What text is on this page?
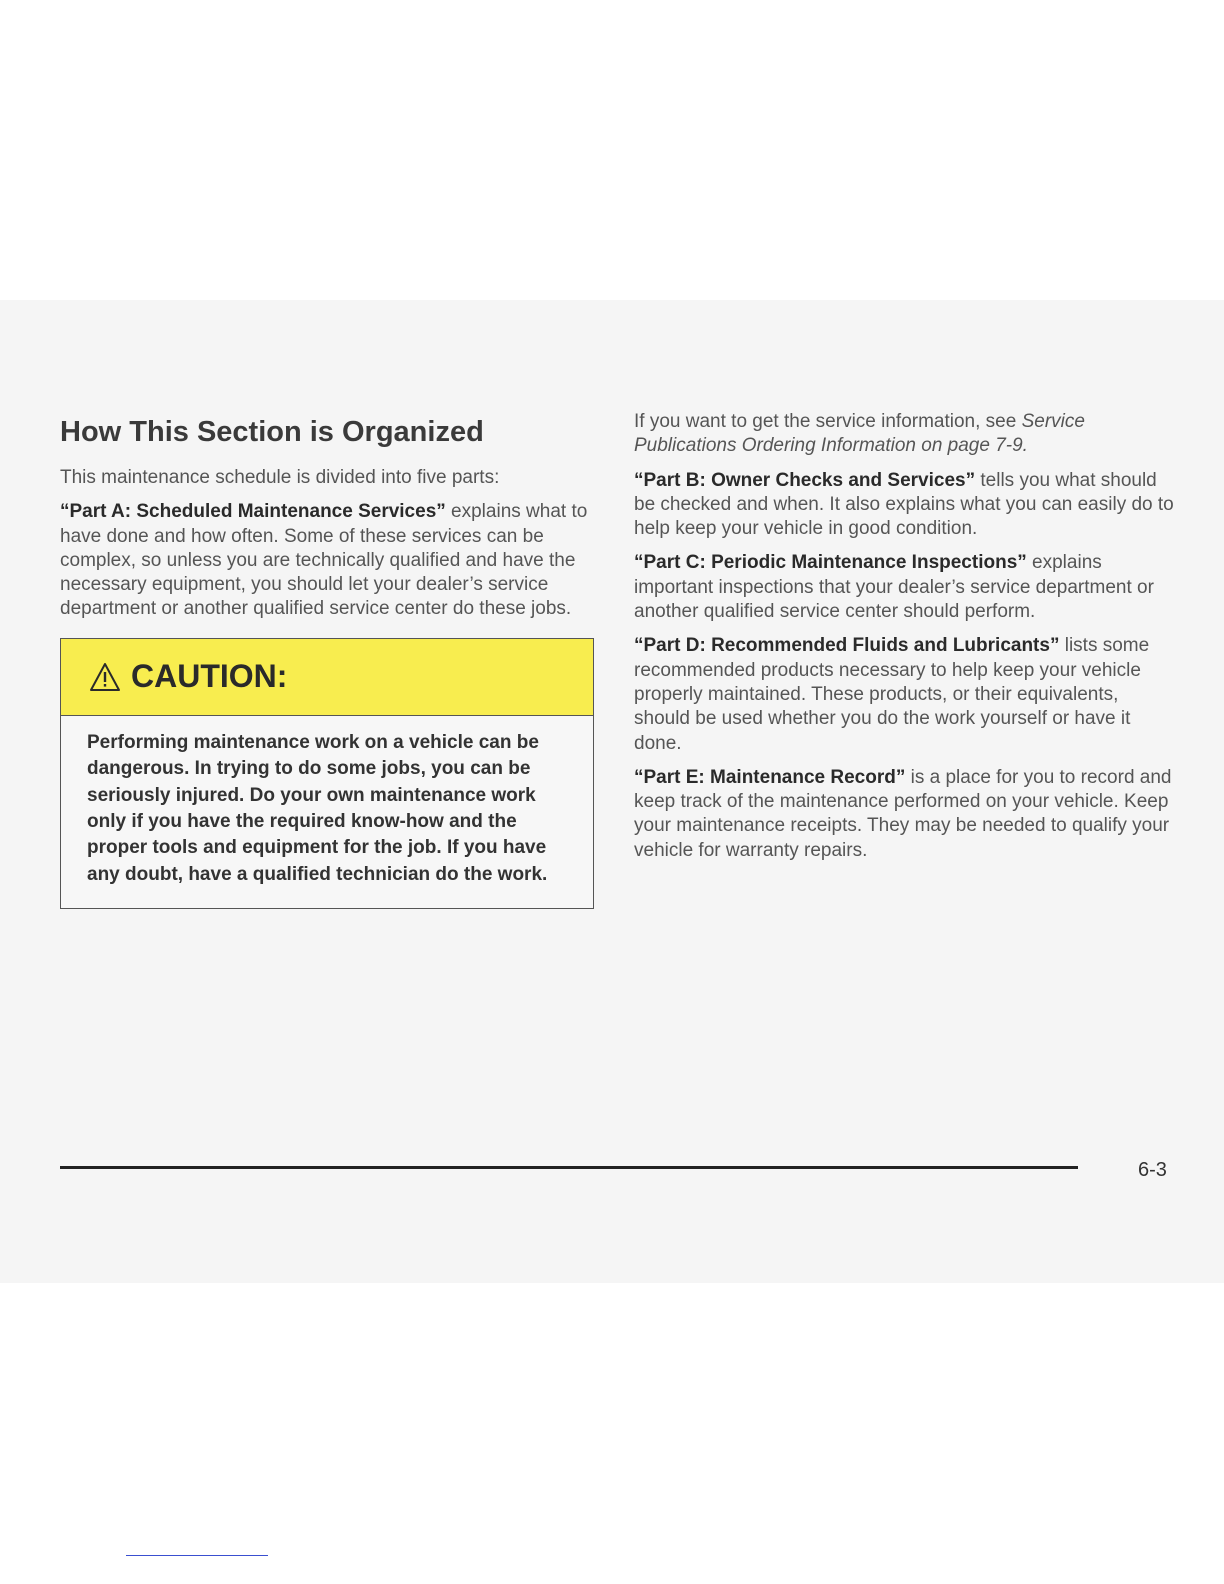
How This Section is Organized

This maintenance schedule is divided into five parts:

“Part A: Scheduled Maintenance Services” explains what to have done and how often. Some of these services can be complex, so unless you are technically qualified and have the necessary equipment, you should let your dealer’s service department or another qualified service center do these jobs.

CAUTION:
Performing maintenance work on a vehicle can be dangerous. In trying to do some jobs, you can be seriously injured. Do your own maintenance work only if you have the required know-how and the proper tools and equipment for the job. If you have any doubt, have a qualified technician do the work.

If you want to get the service information, see Service Publications Ordering Information on page 7-9.

“Part B: Owner Checks and Services” tells you what should be checked and when. It also explains what you can easily do to help keep your vehicle in good condition.

“Part C: Periodic Maintenance Inspections” explains important inspections that your dealer’s service department or another qualified service center should perform.

“Part D: Recommended Fluids and Lubricants” lists some recommended products necessary to help keep your vehicle properly maintained. These products, or their equivalents, should be used whether you do the work yourself or have it done.

“Part E: Maintenance Record” is a place for you to record and keep track of the maintenance performed on your vehicle. Keep your maintenance receipts. They may be needed to qualify your vehicle for warranty repairs.

6-3
